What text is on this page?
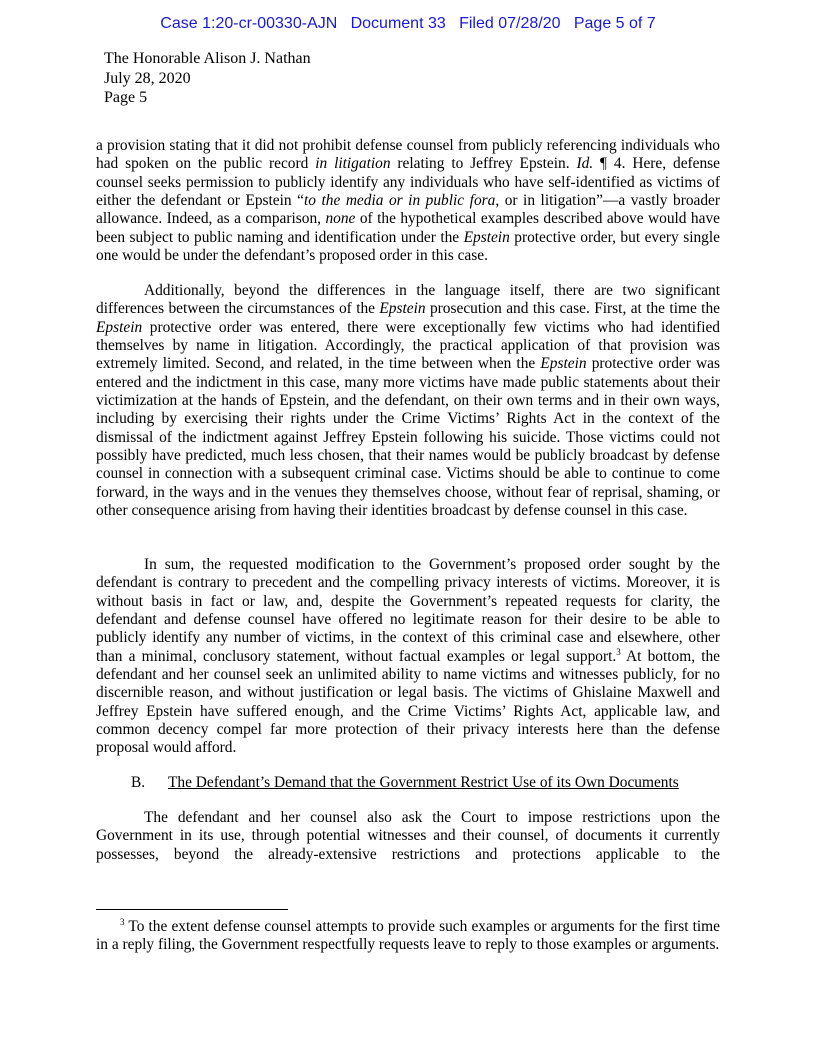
Case 1:20-cr-00330-AJN   Document 33   Filed 07/28/20   Page 5 of 7
The Honorable Alison J. Nathan
July 28, 2020
Page 5
a provision stating that it did not prohibit defense counsel from publicly referencing individuals who had spoken on the public record in litigation relating to Jeffrey Epstein. Id. ¶ 4. Here, defense counsel seeks permission to publicly identify any individuals who have self-identified as victims of either the defendant or Epstein “to the media or in public fora, or in litigation”—a vastly broader allowance. Indeed, as a comparison, none of the hypothetical examples described above would have been subject to public naming and identification under the Epstein protective order, but every single one would be under the defendant’s proposed order in this case.
Additionally, beyond the differences in the language itself, there are two significant differences between the circumstances of the Epstein prosecution and this case. First, at the time the Epstein protective order was entered, there were exceptionally few victims who had identified themselves by name in litigation. Accordingly, the practical application of that provision was extremely limited. Second, and related, in the time between when the Epstein protective order was entered and the indictment in this case, many more victims have made public statements about their victimization at the hands of Epstein, and the defendant, on their own terms and in their own ways, including by exercising their rights under the Crime Victims’ Rights Act in the context of the dismissal of the indictment against Jeffrey Epstein following his suicide. Those victims could not possibly have predicted, much less chosen, that their names would be publicly broadcast by defense counsel in connection with a subsequent criminal case. Victims should be able to continue to come forward, in the ways and in the venues they themselves choose, without fear of reprisal, shaming, or other consequence arising from having their identities broadcast by defense counsel in this case.
In sum, the requested modification to the Government’s proposed order sought by the defendant is contrary to precedent and the compelling privacy interests of victims. Moreover, it is without basis in fact or law, and, despite the Government’s repeated requests for clarity, the defendant and defense counsel have offered no legitimate reason for their desire to be able to publicly identify any number of victims, in the context of this criminal case and elsewhere, other than a minimal, conclusory statement, without factual examples or legal support.$^3$ At bottom, the defendant and her counsel seek an unlimited ability to name victims and witnesses publicly, for no discernible reason, and without justification or legal basis. The victims of Ghislaine Maxwell and Jeffrey Epstein have suffered enough, and the Crime Victims’ Rights Act, applicable law, and common decency compel far more protection of their privacy interests here than the defense proposal would afford.
B. The Defendant’s Demand that the Government Restrict Use of its Own Documents
The defendant and her counsel also ask the Court to impose restrictions upon the Government in its use, through potential witnesses and their counsel, of documents it currently possesses, beyond the already-extensive restrictions and protections applicable to the
$^3$ To the extent defense counsel attempts to provide such examples or arguments for the first time in a reply filing, the Government respectfully requests leave to reply to those examples or arguments.
